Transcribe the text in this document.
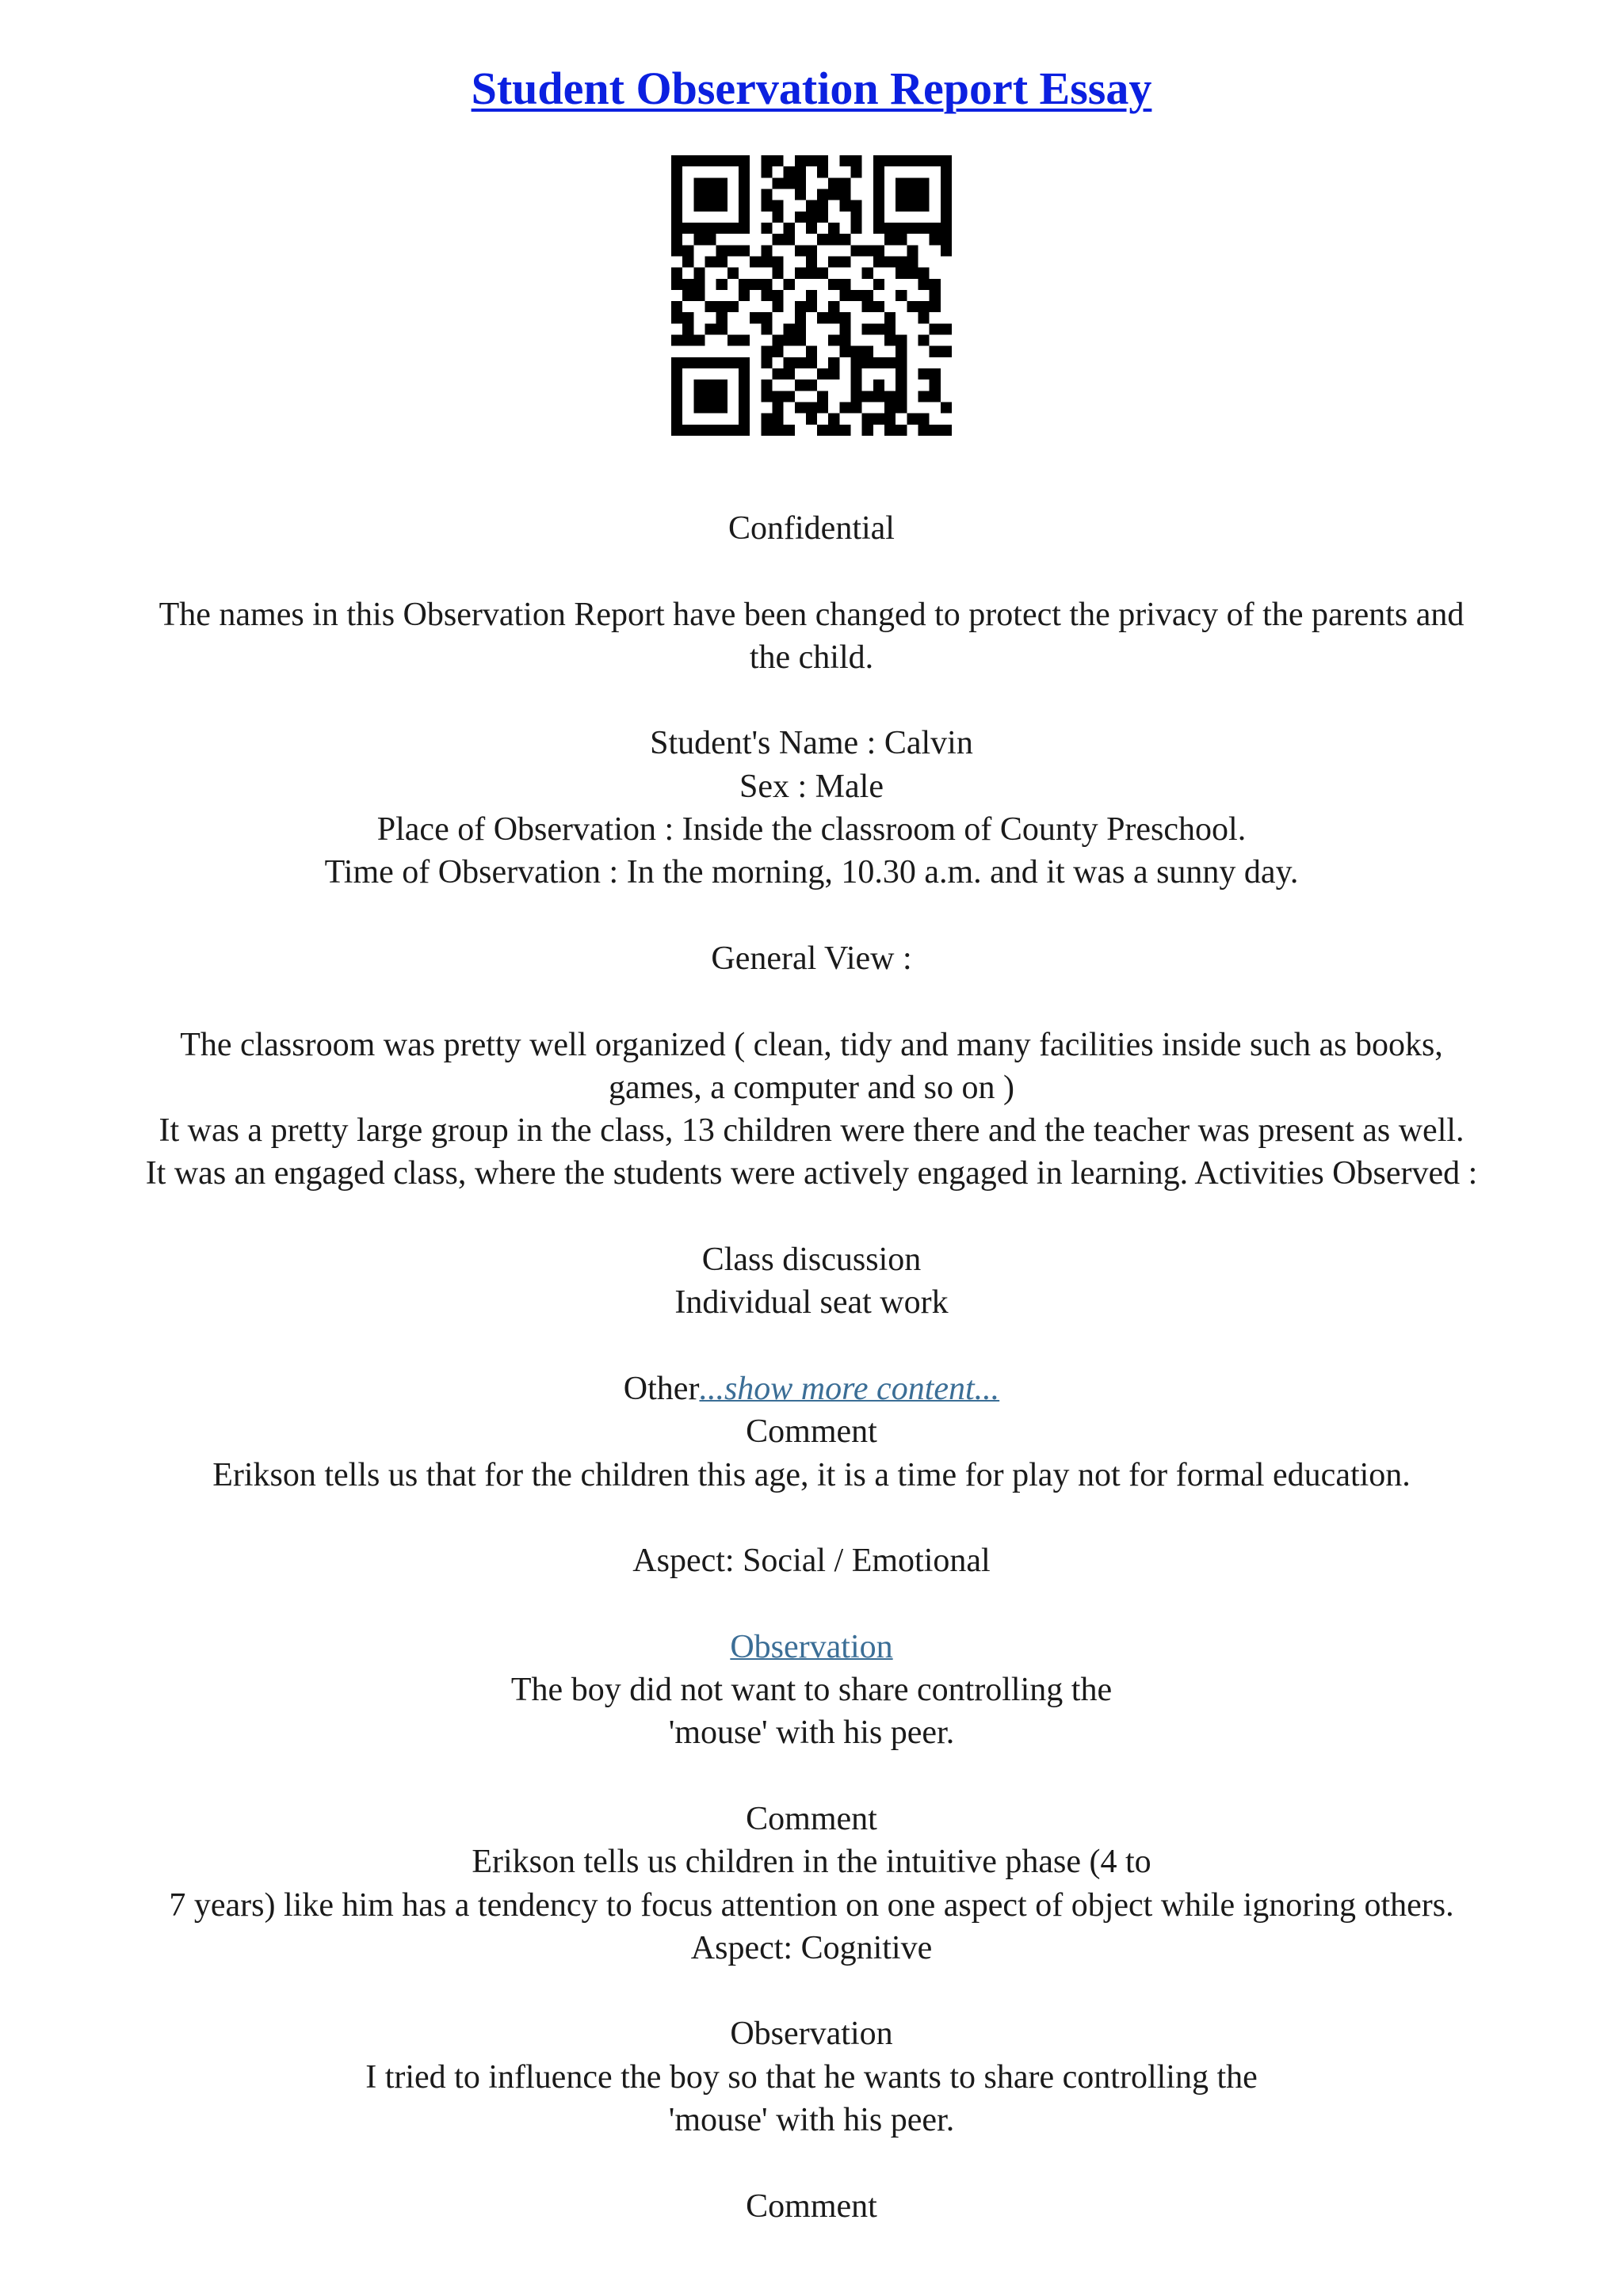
Student Observation Report Essay

Confidential

The names in this Observation Report have been changed to protect the privacy of the parents and

the child.

Student's Name : Calvin

Sex : Male

Place of Observation : Inside the classroom of County Preschool.

Time of Observation : In the morning, 10.30 a.m. and it was a sunny day.

General View :

The classroom was pretty well organized ( clean, tidy and many facilities inside such as books,

games, a computer and so on )

It was a pretty large group in the class, 13 children were there and the teacher was present as well.

It was an engaged class, where the students were actively engaged in learning. Activities Observed :

Class discussion

Individual seat work

Other...show more content...

Comment

Erikson tells us that for the children this age, it is a time for play not for formal education.

Aspect: Social / Emotional

Observation

The boy did not want to share controlling the

'mouse' with his peer.

Comment

Erikson tells us children in the intuitive phase (4 to

7 years) like him has a tendency to focus attention on one aspect of object while ignoring others.

Aspect: Cognitive

Observation

I tried to influence the boy so that he wants to share controlling the

'mouse' with his peer.

Comment
